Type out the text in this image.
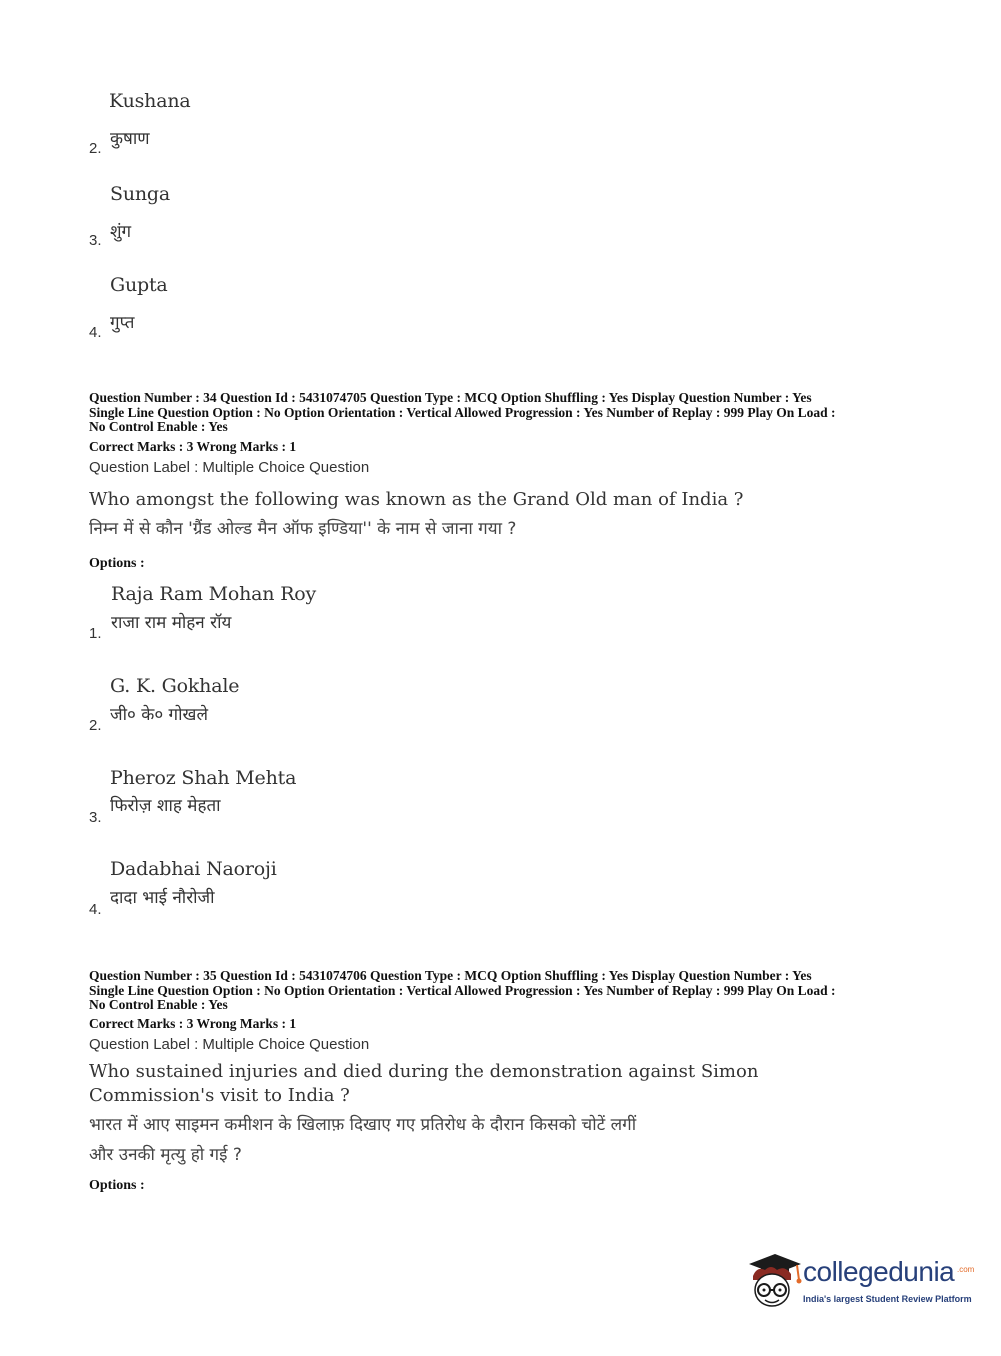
Kushana
कुषाण
2.
Sunga
शुंग
3.
Gupta
गुप्त
4.
Question Number : 34 Question Id : 5431074705 Question Type : MCQ Option Shuffling : Yes Display Question Number : Yes
Single Line Question Option : No Option Orientation : Vertical Allowed Progression : Yes Number of Replay : 999 Play On Load :
No Control Enable : Yes
Correct Marks : 3 Wrong Marks : 1
Question Label : Multiple Choice Question
Who amongst the following was known as the Grand Old man of India ?
निम्न में से कौन 'ग्रैंड ओल्ड मैन ऑफ इण्डिया'' के नाम से जाना गया ?
Options :
Raja Ram Mohan Roy
राजा राम मोहन रॉय
1.
G. K. Gokhale
जी० के० गोखले
2.
Pheroz Shah Mehta
फिरोज़ शाह मेहता
3.
Dadabhai Naoroji
दादा भाई नौरोजी
4.
Question Number : 35 Question Id : 5431074706 Question Type : MCQ Option Shuffling : Yes Display Question Number : Yes
Single Line Question Option : No Option Orientation : Vertical Allowed Progression : Yes Number of Replay : 999 Play On Load :
No Control Enable : Yes
Correct Marks : 3 Wrong Marks : 1
Question Label : Multiple Choice Question
Who sustained injuries and died during the demonstration against Simon
Commission's visit to India ?
भारत में आए साइमन कमीशन के खिलाफ़ दिखाए गए प्रतिरोध के दौरान किसको चोटें लगीं
और उनकी मृत्यु हो गई ?
Options :
collegedunia .com
India's largest Student Review Platform
